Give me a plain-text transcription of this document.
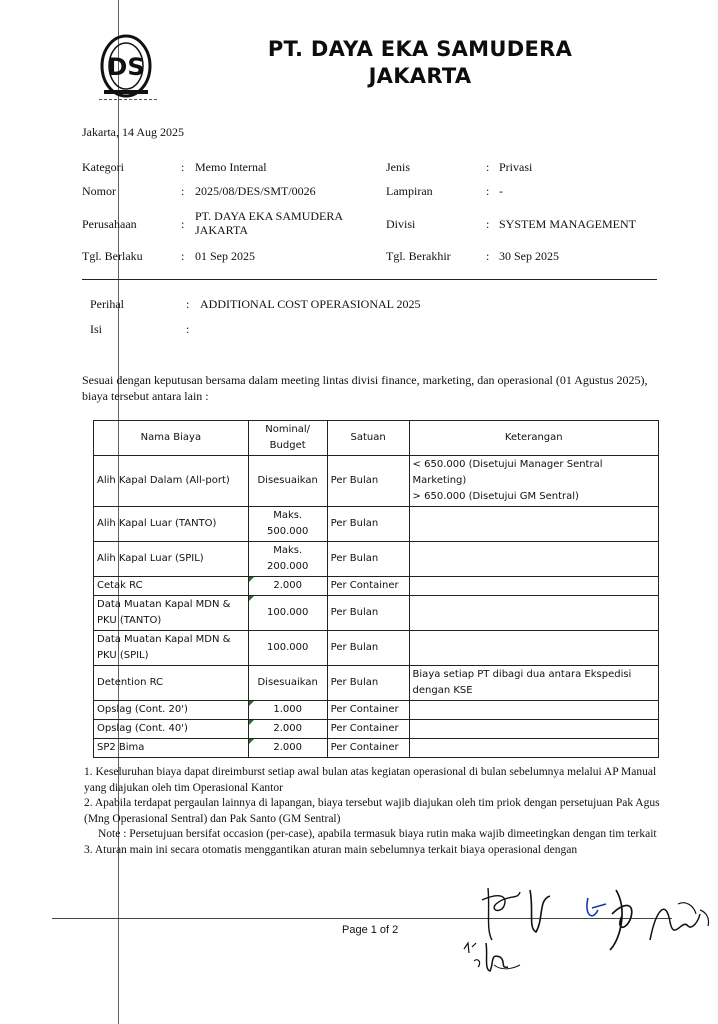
DS
PT. DAYA EKA SAMUDERA
JAKARTA
Jakarta, 14 Aug 2025
Kategori	: Memo Internal
Nomor	: 2025/08/DES/SMT/0026
Perusahaan	:
PT. DAYA EKA SAMUDERA
JAKARTA
Tgl. Berlaku	: 01 Sep 2025
Jenis	: Privasi
Lampiran	: -
Divisi	: SYSTEM MANAGEMENT
Tgl. Berakhir	: 30 Sep 2025
Perihal	: ADDITIONAL COST OPERASIONAL 2025
Isi	:
Sesuai dengan keputusan bersama dalam meeting lintas divisi finance, marketing, dan operasional (01 Agustus 2025), biaya tersebut antara lain :
Nama Biaya	Nominal/ Budget	Satuan	Keterangan
Alih Kapal Dalam (All-port)	Disesuaikan	Per Bulan	< 650.000 (Disetujui Manager Sentral Marketing)
> 650.000 (Disetujui GM Sentral)

Alih Kapal Luar (TANTO)	Maks. 500.000	Per Bulan	
Alih Kapal Luar (SPIL)	Maks. 200.000	Per Bulan	
Cetak RC	2.000	Per Container	
Data Muatan Kapal MDN & PKU (TANTO)	100.000	Per Bulan	
Data Muatan Kapal MDN & PKU (SPIL)	100.000	Per Bulan	
Detention RC	Disesuaikan	Per Bulan	Biaya setiap PT dibagi dua antara Ekspedisi dengan KSE
Opslag (Cont. 20')	1.000	Per Container	
Opslag (Cont. 40')	2.000	Per Container	
SP2 Bima	2.000	Per Container	
1. Keseluruhan biaya dapat direimburst setiap awal bulan atas kegiatan operasional di bulan sebelumnya melalui AP Manual yang diajukan oleh tim Operasional Kantor
2. Apabila terdapat pergaulan lainnya di lapangan, biaya tersebut wajib diajukan oleh tim priok dengan persetujuan Pak Agus (Mng Operasional Sentral) dan Pak Santo (GM Sentral)
Note : Persetujuan bersifat occasion (per-case), apabila termasuk biaya rutin maka wajib dimeetingkan dengan tim terkait
3. Aturan main ini secara otomatis menggantikan aturan main sebelumnya terkait biaya operasional dengan
Page 1 of 2
